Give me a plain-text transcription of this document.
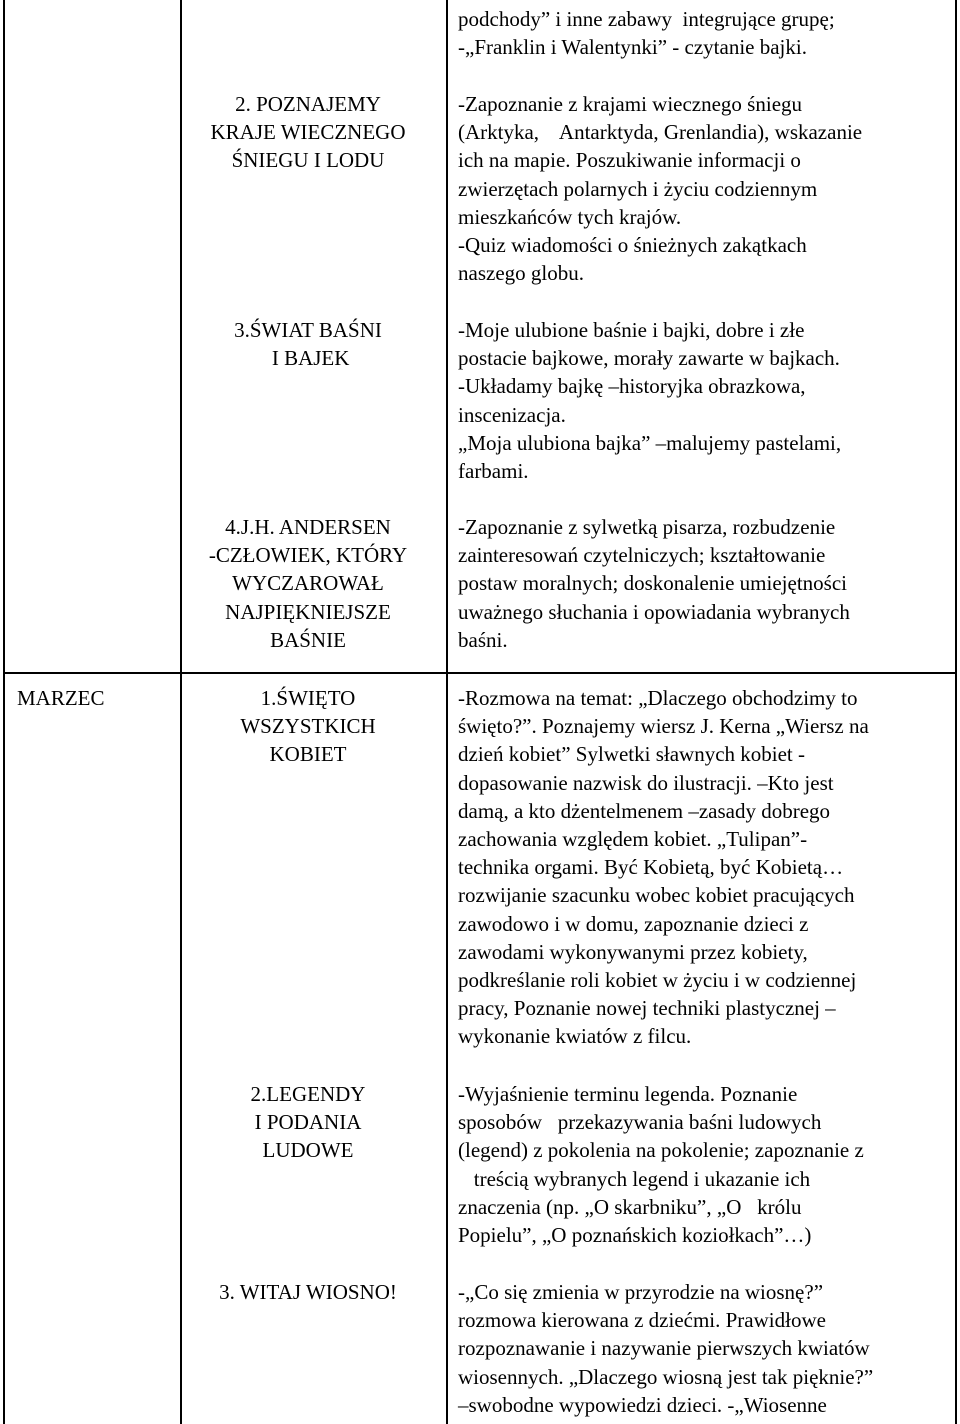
MARZEC
2. POZNAJEMY
KRAJE WIECZNEGO
ŚNIEGU I LODU
3.ŚWIAT BAŚNI
I BAJEK
4.J.H. ANDERSEN
-CZŁOWIEK, KTÓRY
WYCZAROWAŁ
NAJPIĘKNIEJSZE
BAŚNIE
1.ŚWIĘTO
WSZYSTKICH
KOBIET
2.LEGENDY
I PODANIA
LUDOWE
3. WITAJ WIOSNO!
podchody” i inne zabawy  integrujące grupę;
-„Franklin i Walentynki” - czytanie bajki.
-Zapoznanie z krajami wiecznego śniegu
(Arktyka,    Antarktyda, Grenlandia), wskazanie
ich na mapie. Poszukiwanie informacji o
zwierzętach polarnych i życiu codziennym
mieszkańców tych krajów.
-Quiz wiadomości o śnieżnych zakątkach
naszego globu.
-Moje ulubione baśnie i bajki, dobre i złe
postacie bajkowe, morały zawarte w bajkach.
-Układamy bajkę –historyjka obrazkowa,
inscenizacja.
„Moja ulubiona bajka” –malujemy pastelami,
farbami.
-Zapoznanie z sylwetką pisarza, rozbudzenie
zainteresowań czytelniczych; kształtowanie
postaw moralnych; doskonalenie umiejętności
uważnego słuchania i opowiadania wybranych
baśni.
-Rozmowa na temat: „Dlaczego obchodzimy to
święto?”. Poznajemy wiersz J. Kerna „Wiersz na
dzień kobiet” Sylwetki sławnych kobiet -
dopasowanie nazwisk do ilustracji. –Kto jest
damą, a kto dżentelmenem –zasady dobrego
zachowania względem kobiet. „Tulipan”-
technika orgami. Być Kobietą, być Kobietą…
rozwijanie szacunku wobec kobiet pracujących
zawodowo i w domu, zapoznanie dzieci z
zawodami wykonywanymi przez kobiety,
podkreślanie roli kobiet w życiu i w codziennej
pracy, Poznanie nowej techniki plastycznej –
wykonanie kwiatów z filcu.
-Wyjaśnienie terminu legenda. Poznanie
sposobów   przekazywania baśni ludowych
(legend) z pokolenia na pokolenie; zapoznanie z
treścią wybranych legend i ukazanie ich
znaczenia (np. „O skarbniku”, „O   królu
Popielu”, „O poznańskich koziołkach”…)
-„Co się zmienia w przyrodzie na wiosnę?”
rozmowa kierowana z dziećmi. Prawidłowe
rozpoznawanie i nazywanie pierwszych kwiatów
wiosennych. „Dlaczego wiosną jest tak pięknie?”
–swobodne wypowiedzi dzieci. -„Wiosenne
